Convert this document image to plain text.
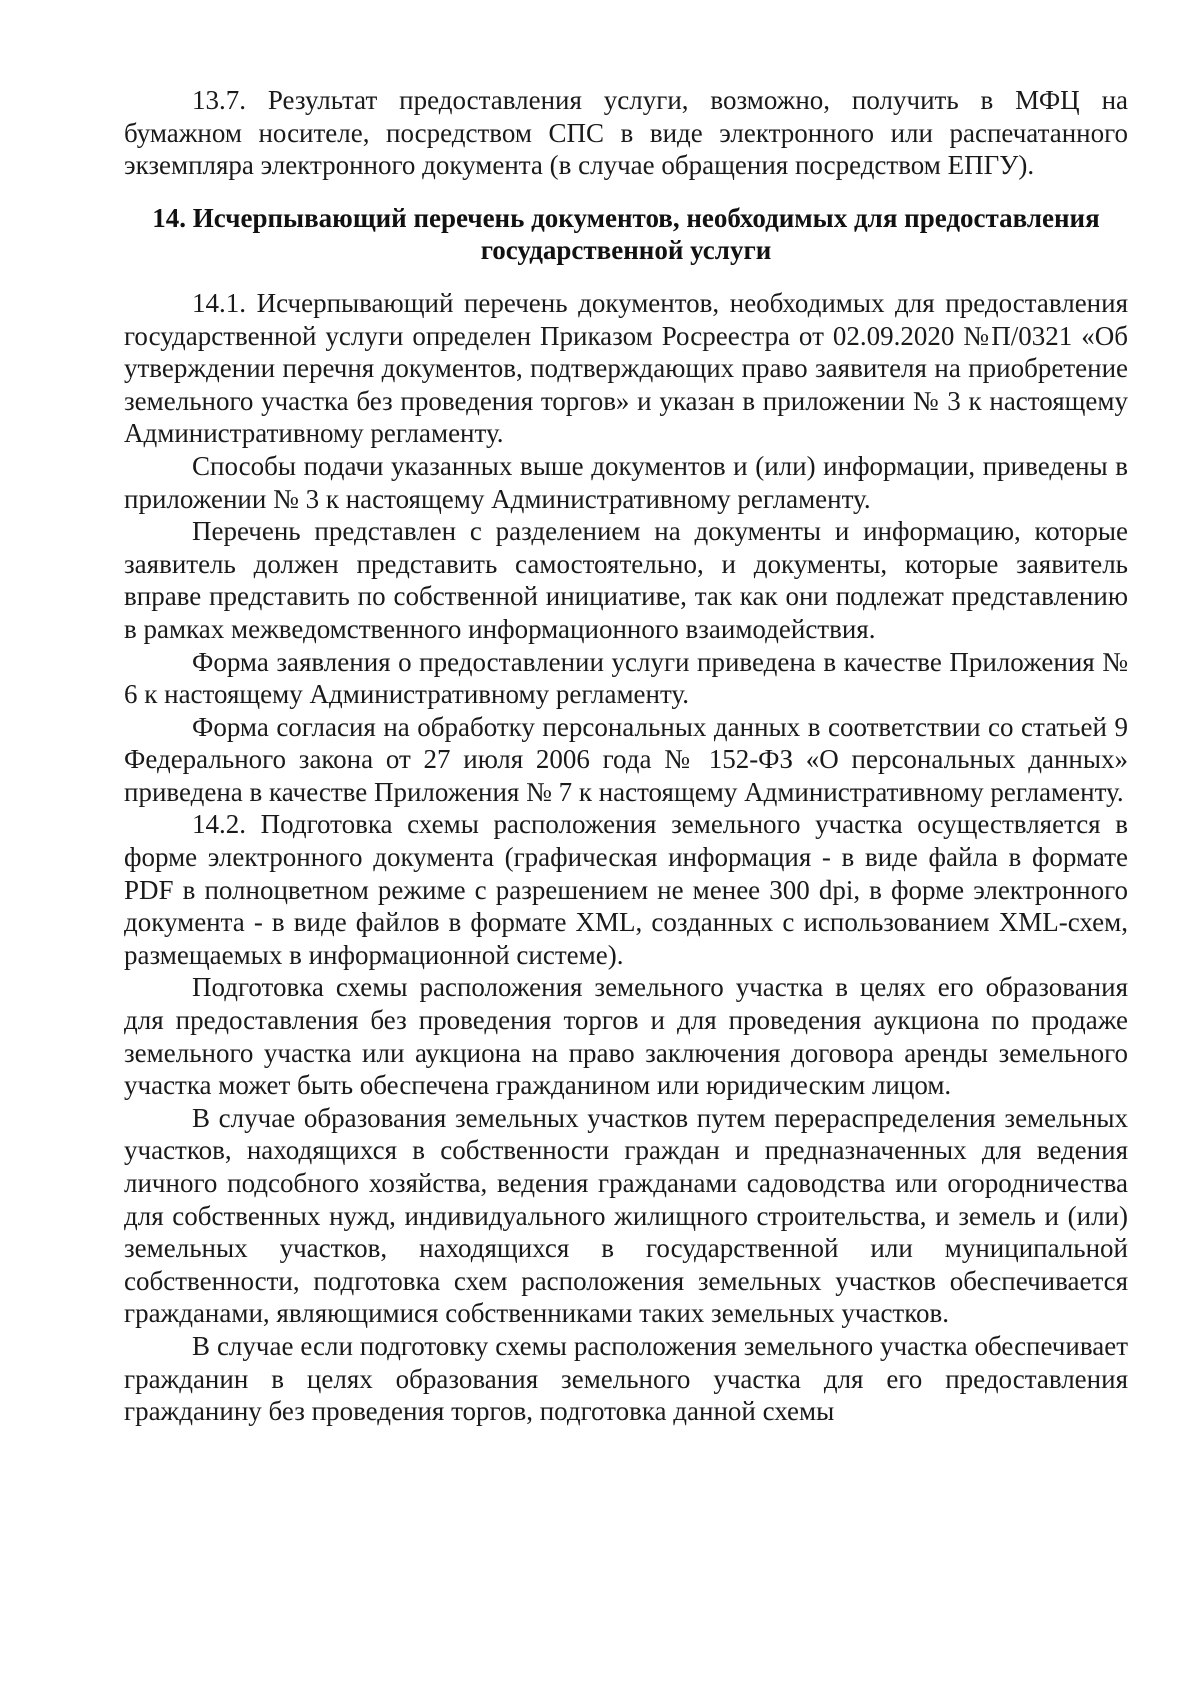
13.7. Результат предоставления услуги, возможно, получить в МФЦ на бумажном носителе, посредством СПС в виде электронного или распечатанного экземпляра электронного документа (в случае обращения посредством ЕПГУ).

14. Исчерпывающий перечень документов, необходимых для предоставления государственной услуги

14.1. Исчерпывающий перечень документов, необходимых для предоставления государственной услуги определен Приказом Росреестра от 02.09.2020 №П/0321 «Об утверждении перечня документов, подтверждающих право заявителя на приобретение земельного участка без проведения торгов» и указан в приложении № 3 к настоящему Административному регламенту.

Способы подачи указанных выше документов и (или) информации, приведены в приложении № 3 к настоящему Административному регламенту.

Перечень представлен с разделением на документы и информацию, которые заявитель должен представить самостоятельно, и документы, которые заявитель вправе представить по собственной инициативе, так как они подлежат представлению в рамках межведомственного информационного взаимодействия.

Форма заявления о предоставлении услуги приведена в качестве Приложения № 6 к настоящему Административному регламенту.

Форма согласия на обработку персональных данных в соответствии со статьей 9 Федерального закона от 27 июля 2006 года № 152-ФЗ «О персональных данных» приведена в качестве Приложения № 7 к настоящему Административному регламенту.

14.2. Подготовка схемы расположения земельного участка осуществляется в форме электронного документа (графическая информация - в виде файла в формате PDF в полноцветном режиме с разрешением не менее 300 dpi, в форме электронного документа - в виде файлов в формате XML, созданных с использованием XML-схем, размещаемых в информационной системе).

Подготовка схемы расположения земельного участка в целях его образования для предоставления без проведения торгов и для проведения аукциона по продаже земельного участка или аукциона на право заключения договора аренды земельного участка может быть обеспечена гражданином или юридическим лицом.

В случае образования земельных участков путем перераспределения земельных участков, находящихся в собственности граждан и предназначенных для ведения личного подсобного хозяйства, ведения гражданами садоводства или огородничества для собственных нужд, индивидуального жилищного строительства, и земель и (или) земельных участков, находящихся в государственной или муниципальной собственности, подготовка схем расположения земельных участков обеспечивается гражданами, являющимися собственниками таких земельных участков.

В случае если подготовку схемы расположения земельного участка обеспечивает гражданин в целях образования земельного участка для его предоставления гражданину без проведения торгов, подготовка данной схемы
